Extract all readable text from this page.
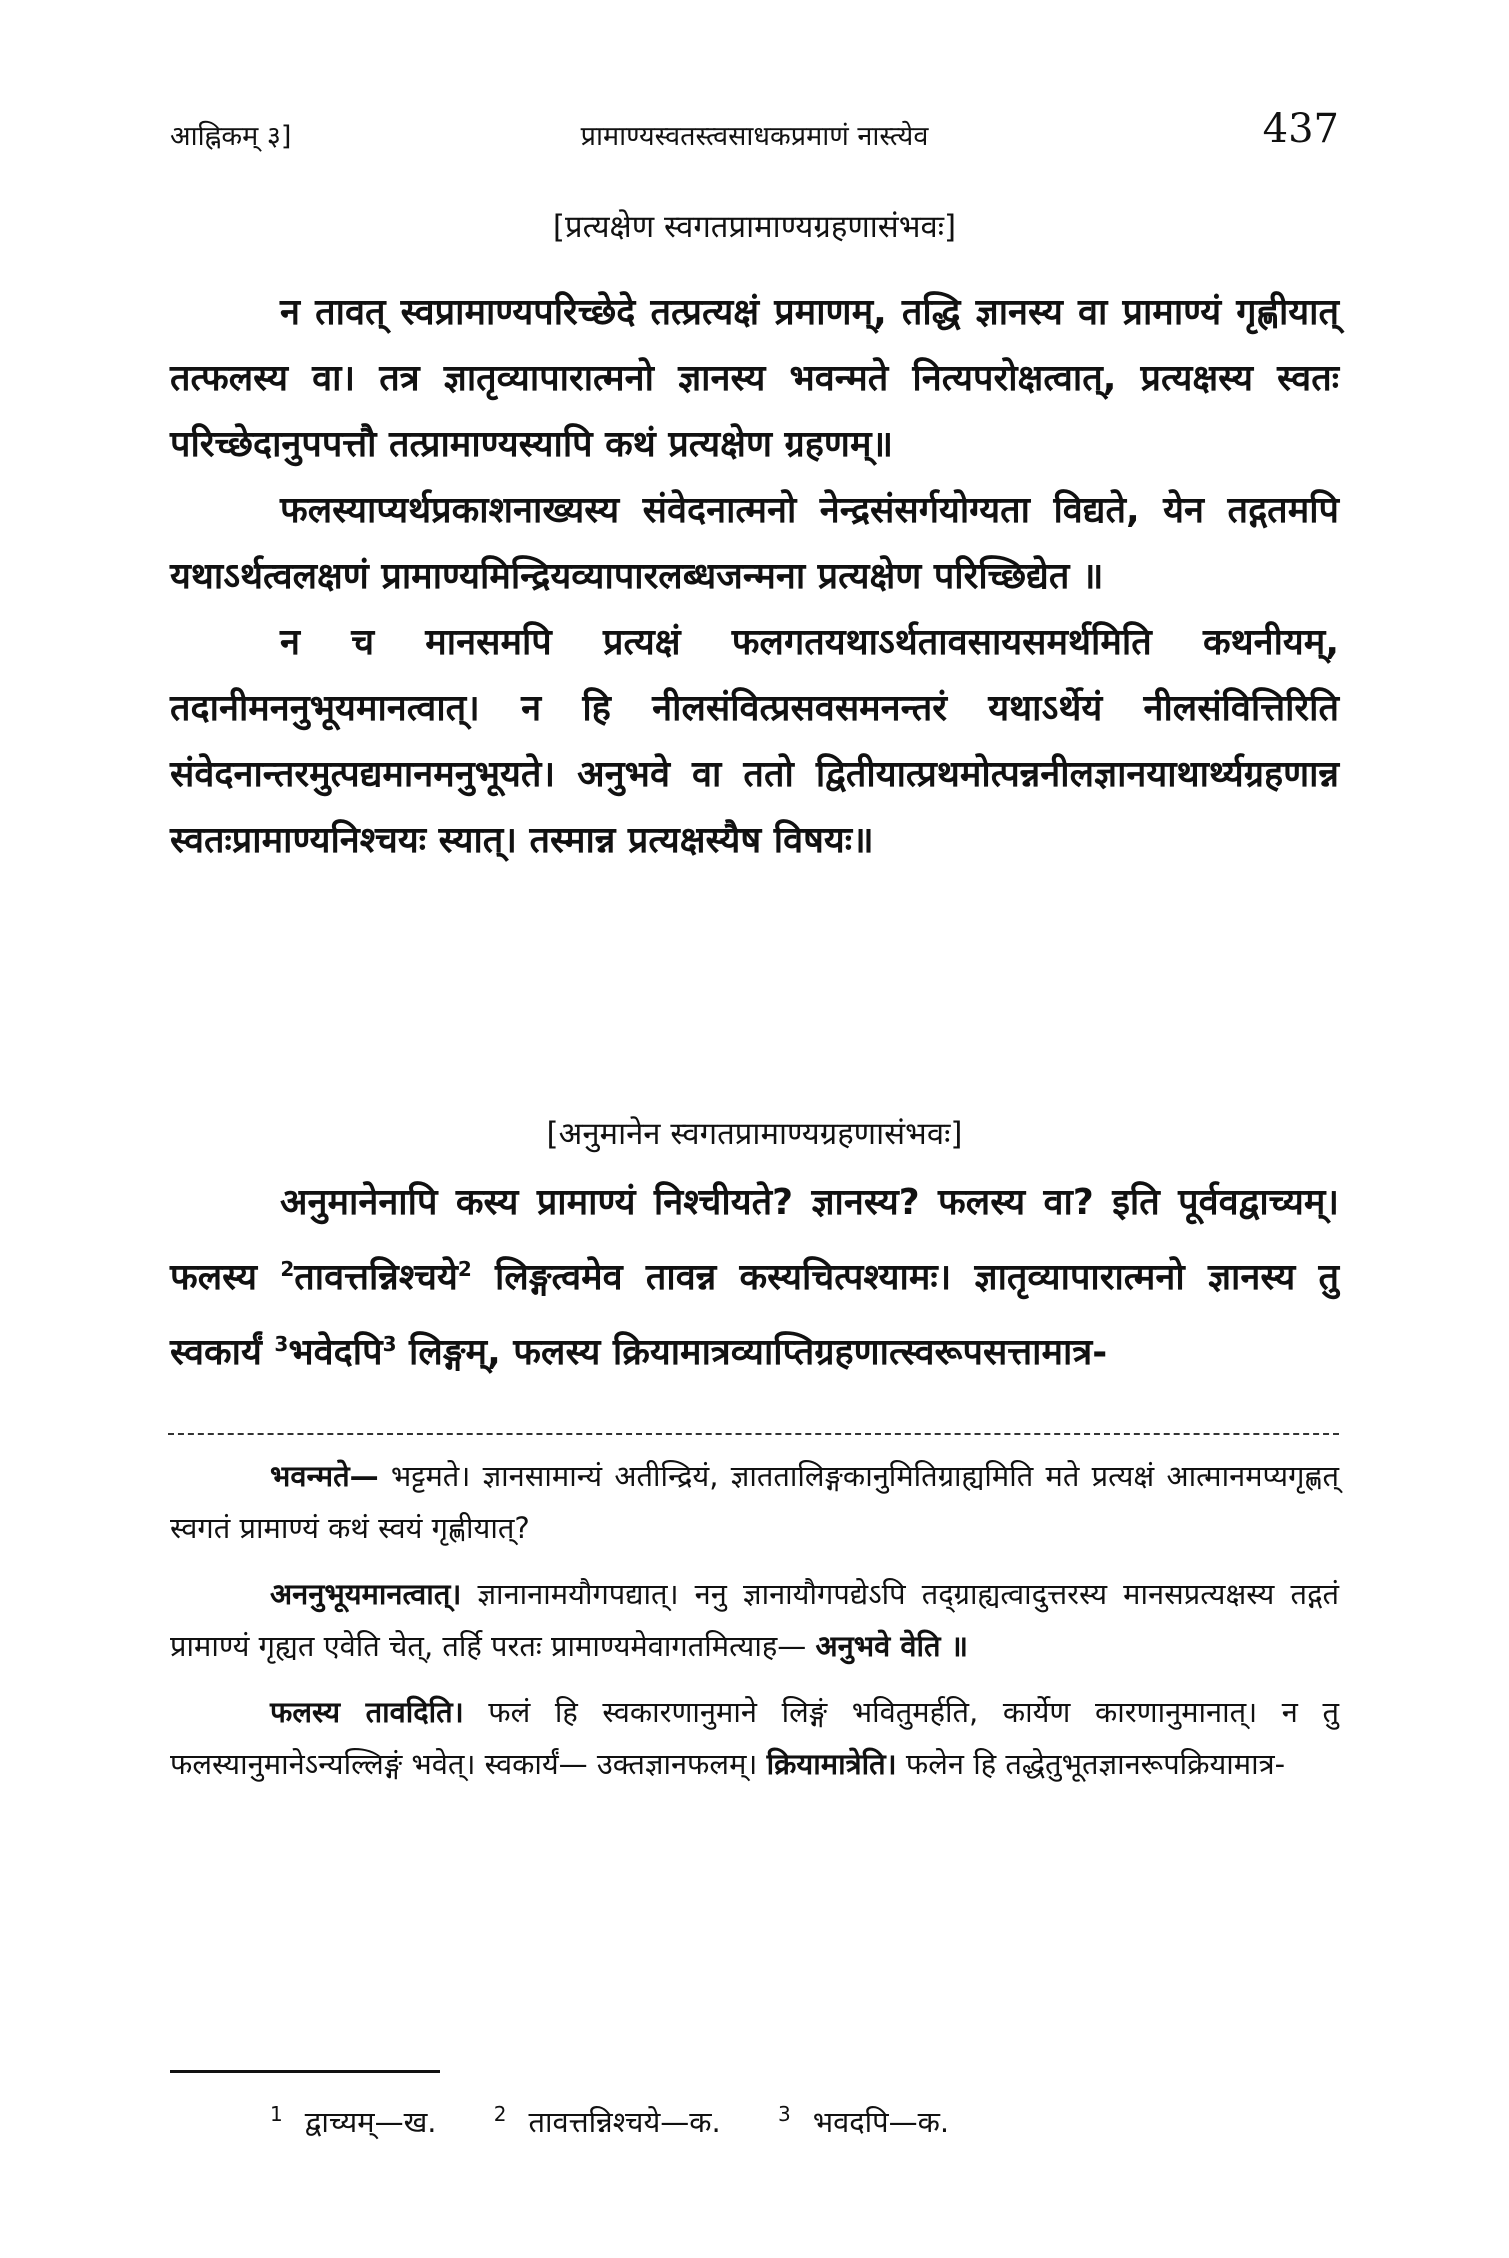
आह्निकम् ३]	प्रामाण्यस्वतस्त्वसाधकप्रमाणं नास्त्येव	437
[प्रत्यक्षेण स्वगतप्रामाण्यग्रहणासंभवः]

न तावत् स्वप्रामाण्यपरिच्छेदे तत्प्रत्यक्षं प्रमाणम्, तद्धि ज्ञानस्य वा प्रामाण्यं गृह्णीयात् तत्फलस्य वा। तत्र ज्ञातृव्यापारात्मनो ज्ञानस्य भवन्मते नित्यपरोक्षत्वात्, प्रत्यक्षस्य स्वतः परिच्छेदानुपपत्तौ तत्प्रामाण्यस्यापि कथं प्रत्यक्षेण ग्रहणम्॥

फलस्याप्यर्थप्रकाशनाख्यस्य संवेदनात्मनो नेन्द्रसंसर्गयोग्यता विद्यते, येन तद्गतमपि यथाऽर्थत्वलक्षणं प्रामाण्यमिन्द्रियव्यापारलब्धजन्मना प्रत्यक्षेण परिच्छिद्येत ॥

न च मानसमपि प्रत्यक्षं फलगतयथाऽर्थतावसायसमर्थमिति कथनीयम्, तदानीमननुभूयमानत्वात्। न हि नीलसंवित्प्रसवसमनन्तरं यथाऽर्थेयं नीलसंवित्तिरिति संवेदनान्तरमुत्पद्यमानमनुभूयते। अनुभवे वा ततो द्वितीयात्प्रथमोत्पन्ननीलज्ञानयाथार्थ्यग्रहणान्न स्वतःप्रामाण्यनिश्चयः स्यात्। तस्मान्न प्रत्यक्षस्यैष विषयः॥

[अनुमानेन स्वगतप्रामाण्यग्रहणासंभवः]

अनुमानेनापि कस्य प्रामाण्यं निश्चीयते? ज्ञानस्य? फलस्य वा? इति पूर्ववद्वाच्यम्। फलस्य $^2$तावत्तन्निश्चये$^2$ लिङ्गत्वमेव तावन्न कस्यचित्पश्यामः। ज्ञातृव्यापारात्मनो ज्ञानस्य तु स्वकार्यं $^3$भवेदपि$^3$ लिङ्गम्, फलस्य क्रियामात्रव्याप्तिग्रहणात्स्वरूपसत्तामात्र-

भवन्मते— भट्टमते। ज्ञानसामान्यं अतीन्द्रियं, ज्ञाततालिङ्गकानुमितिग्राह्यमिति मते प्रत्यक्षं आत्मानमप्यगृह्णत् स्वगतं प्रामाण्यं कथं स्वयं गृह्णीयात्?

अननुभूयमानत्वात्। ज्ञानानामयौगपद्यात्। ननु ज्ञानायौगपद्येऽपि तद्ग्राह्यत्वादुत्तरस्य मानसप्रत्यक्षस्य तद्गतं प्रामाण्यं गृह्यत एवेति चेत्, तर्हि परतः प्रामाण्यमेवागतमित्याह— अनुभवे वेति ॥

फलस्य तावदिति। फलं हि स्वकारणानुमाने लिङ्गं भवितुमर्हति, कार्येण कारणानुमानात्। न तु फलस्यानुमानेऽन्यल्लिङ्गं भवेत्। स्वकार्यं— उक्तज्ञानफलम्। क्रियामात्रेति। फलेन हि तद्धेतुभूतज्ञानरूपक्रियामात्र-

$^1$ द्वाच्यम्—ख.	$^2$ तावत्तन्निश्चये—क.	$^3$ भवदपि—क.
